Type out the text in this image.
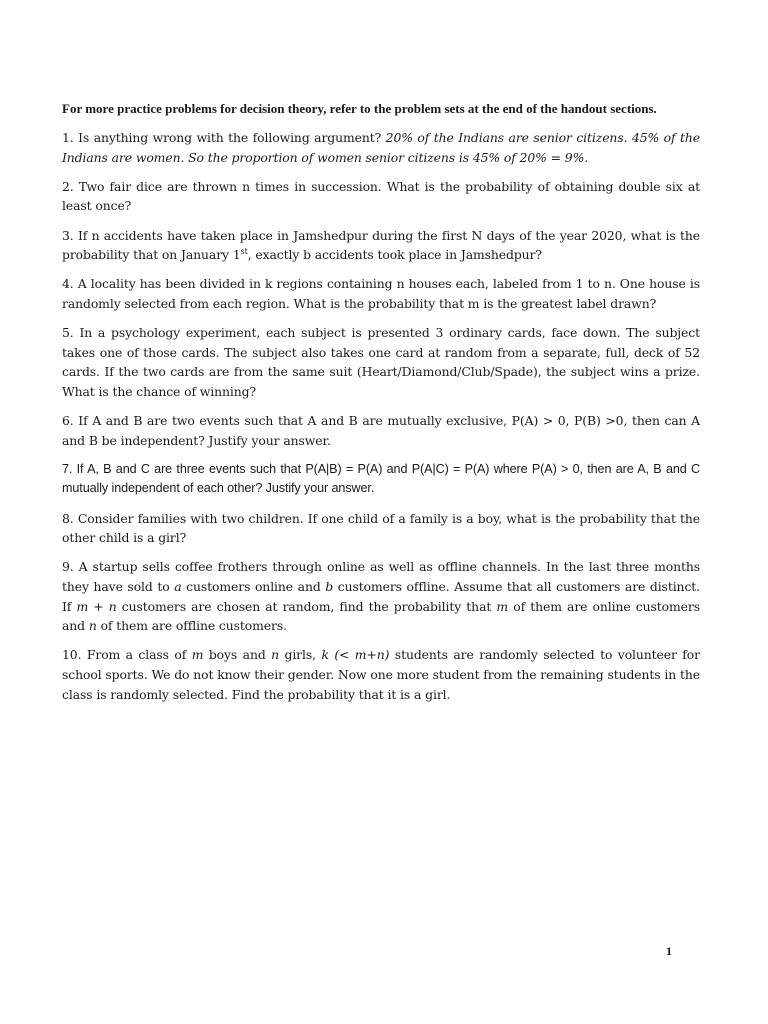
For more practice problems for decision theory, refer to the problem sets at the end of the handout sections.

1. Is anything wrong with the following argument? 20% of the Indians are senior citizens. 45% of the Indians are women. So the proportion of women senior citizens is 45% of 20% = 9%.

2. Two fair dice are thrown n times in succession. What is the probability of obtaining double six at least once?

3. If n accidents have taken place in Jamshedpur during the first N days of the year 2020, what is the probability that on January 1st, exactly b accidents took place in Jamshedpur?

4. A locality has been divided in k regions containing n houses each, labeled from 1 to n. One house is randomly selected from each region. What is the probability that m is the greatest label drawn?

5. In a psychology experiment, each subject is presented 3 ordinary cards, face down. The subject takes one of those cards. The subject also takes one card at random from a separate, full, deck of 52 cards. If the two cards are from the same suit (Heart/Diamond/Club/Spade), the subject wins a prize. What is the chance of winning?

6. If A and B are two events such that A and B are mutually exclusive, P(A) > 0, P(B) >0, then can A and B be independent? Justify your answer.

7. If A, B and C are three events such that P(A|B) = P(A) and P(A|C) = P(A) where P(A) > 0, then are A, B and C mutually independent of each other? Justify your answer.

8. Consider families with two children. If one child of a family is a boy, what is the probability that the other child is a girl?

9. A startup sells coffee frothers through online as well as offline channels. In the last three months they have sold to a customers online and b customers offline. Assume that all customers are distinct. If m + n customers are chosen at random, find the probability that m of them are online customers and n of them are offline customers.

10. From a class of m boys and n girls, k (< m+n) students are randomly selected to volunteer for school sports. We do not know their gender. Now one more student from the remaining students in the class is randomly selected. Find the probability that it is a girl.

1
